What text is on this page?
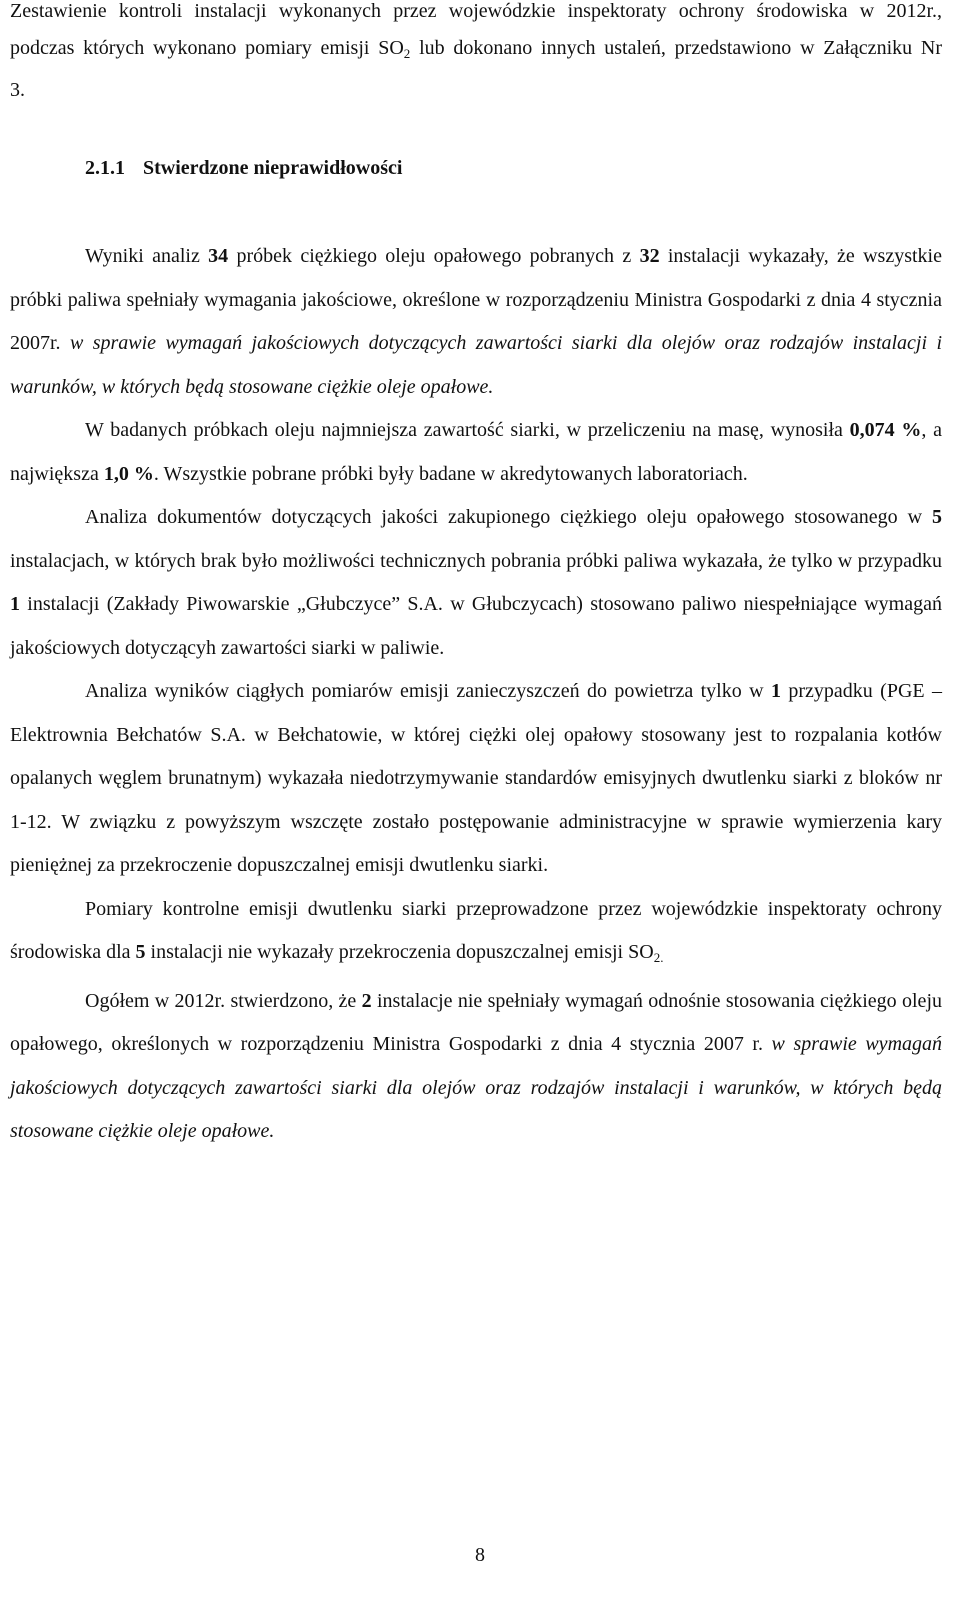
Zestawienie kontroli instalacji wykonanych przez wojewódzkie inspektoraty ochrony środowiska w 2012r., podczas których wykonano pomiary emisji $SO_2$ lub dokonano innych ustaleń, przedstawiono w Załączniku Nr 3.

2.1.1 Stwierdzone nieprawidłowości

Wyniki analiz 34 próbek ciężkiego oleju opałowego pobranych z 32 instalacji wykazały, że wszystkie próbki paliwa spełniały wymagania jakościowe, określone w rozporządzeniu Ministra Gospodarki z dnia 4 stycznia 2007r. w sprawie wymagań jakościowych dotyczących zawartości siarki dla olejów oraz rodzajów instalacji i warunków, w których będą stosowane ciężkie oleje opałowe.

W badanych próbkach oleju najmniejsza zawartość siarki, w przeliczeniu na masę, wynosiła 0,074 %, a największa 1,0 %. Wszystkie pobrane próbki były badane w akredytowanych laboratoriach.

Analiza dokumentów dotyczących jakości zakupionego ciężkiego oleju opałowego stosowanego w 5 instalacjach, w których brak było możliwości technicznych pobrania próbki paliwa wykazała, że tylko w przypadku 1 instalacji (Zakłady Piwowarskie „Głubczyce” S.A. w Głubczycach) stosowano paliwo niespełniające wymagań jakościowych dotyczącyh zawartości siarki w paliwie.

Analiza wyników ciągłych pomiarów emisji zanieczyszczeń do powietrza tylko w 1 przypadku (PGE – Elektrownia Bełchatów S.A. w Bełchatowie, w której ciężki olej opałowy stosowany jest to rozpalania kotłów opalanych węglem brunatnym) wykazała niedotrzymywanie standardów emisyjnych dwutlenku siarki z bloków nr 1-12. W związku z powyższym wszczęte zostało postępowanie administracyjne w sprawie wymierzenia kary pieniężnej za przekroczenie dopuszczalnej emisji dwutlenku siarki.

Pomiary kontrolne emisji dwutlenku siarki przeprowadzone przez wojewódzkie inspektoraty ochrony środowiska dla 5 instalacji nie wykazały przekroczenia dopuszczalnej emisji $SO_{2.}$

Ogółem w 2012r. stwierdzono, że 2 instalacje nie spełniały wymagań odnośnie stosowania ciężkiego oleju opałowego, określonych w rozporządzeniu Ministra Gospodarki z dnia 4 stycznia 2007 r. w sprawie wymagań jakościowych dotyczących zawartości siarki dla olejów oraz rodzajów instalacji i warunków, w których będą stosowane ciężkie oleje opałowe.

8
